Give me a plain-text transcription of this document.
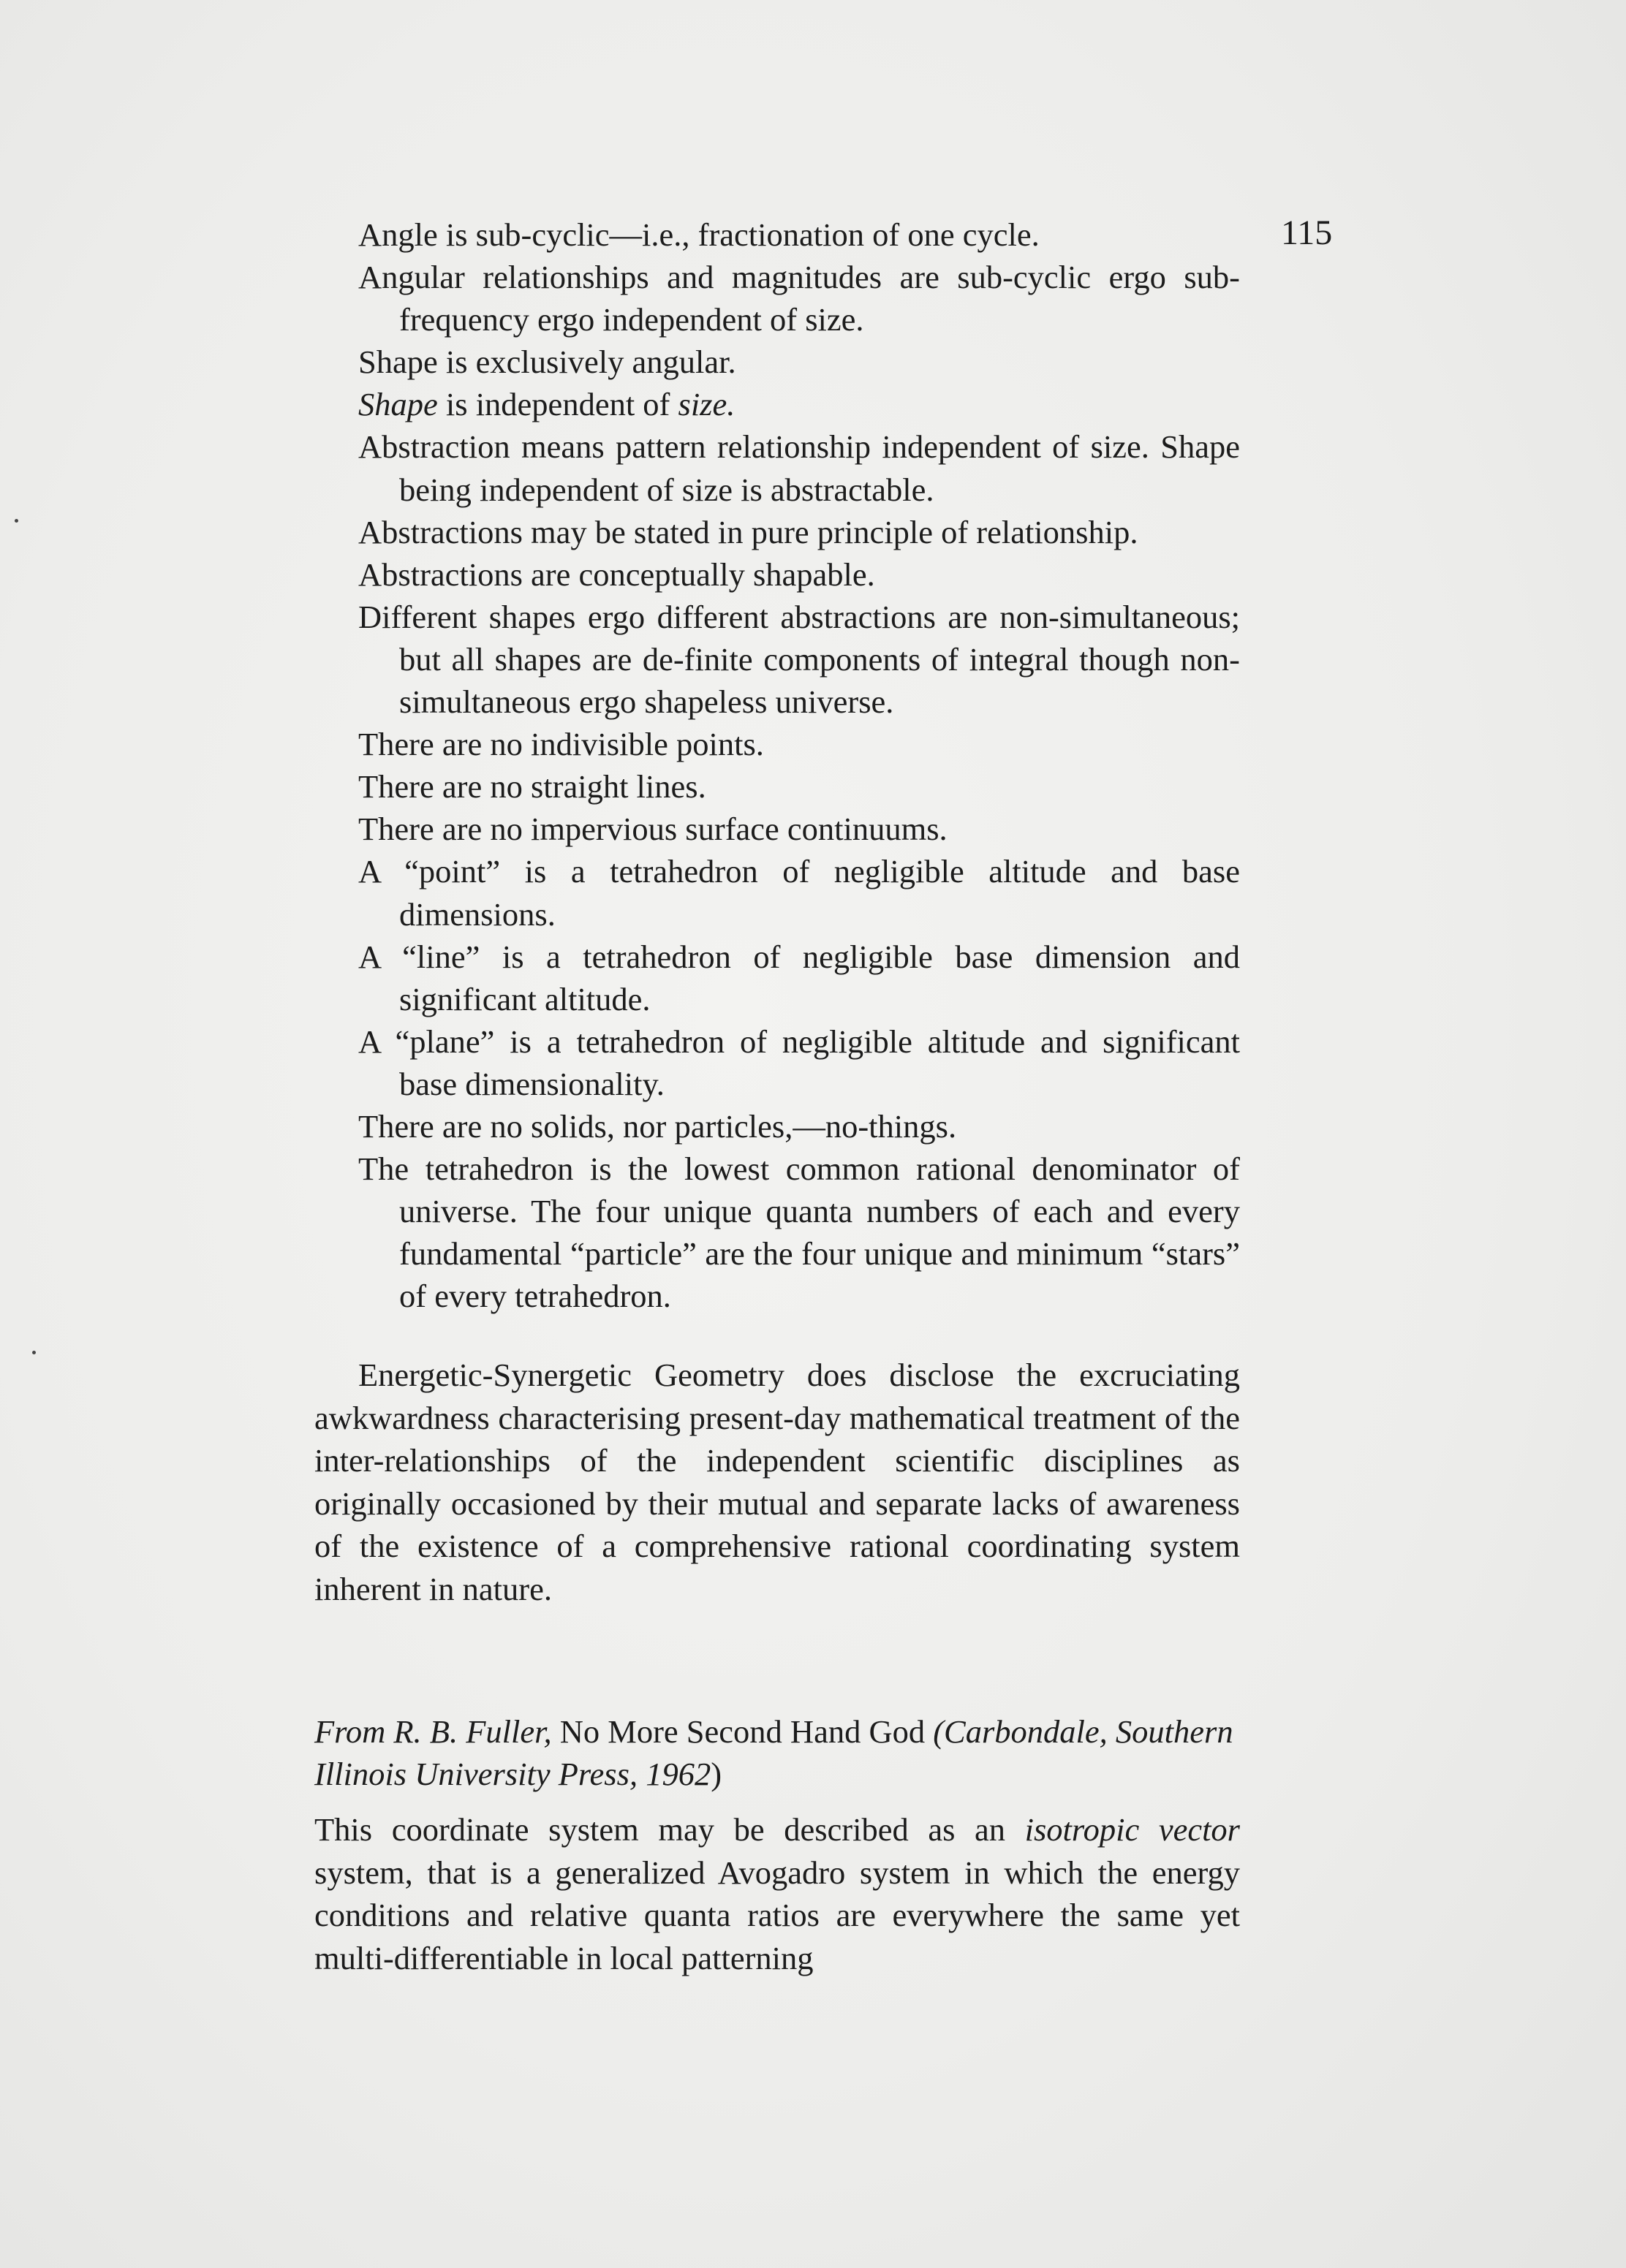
115
Angle is sub-cyclic—i.e., fractionation of one cycle.
Angular relationships and magnitudes are sub-cyclic ergo sub-frequency ergo independent of size.
Shape is exclusively angular.
Shape is independent of size.
Abstraction means pattern relationship independent of size. Shape being independent of size is abstractable.
Abstractions may be stated in pure principle of relationship.
Abstractions are conceptually shapable.
Different shapes ergo different abstractions are non-simultaneous; but all shapes are de-finite components of integral though non-simultaneous ergo shapeless universe.
There are no indivisible points.
There are no straight lines.
There are no impervious surface continuums.
A “point” is a tetrahedron of negligible altitude and base dimensions.
A “line” is a tetrahedron of negligible base dimension and significant altitude.
A “plane” is a tetrahedron of negligible altitude and significant base dimensionality.
There are no solids, nor particles,—no-things.
The tetrahedron is the lowest common rational denominator of universe. The four unique quanta numbers of each and every fundamental “particle” are the four unique and minimum “stars” of every tetrahedron.
Energetic-Synergetic Geometry does disclose the excruciating awkwardness characterising present-day mathematical treatment of the inter-relationships of the independent scientific disciplines as originally occasioned by their mutual and separate lacks of awareness of the existence of a comprehensive rational coordinating system inherent in nature.
From R. B. Fuller, No More Second Hand God (Carbondale, Southern Illinois University Press, 1962)
This coordinate system may be described as an isotropic vector system, that is a generalized Avogadro system in which the energy conditions and relative quanta ratios are everywhere the same yet multi-differentiable in local patterning
